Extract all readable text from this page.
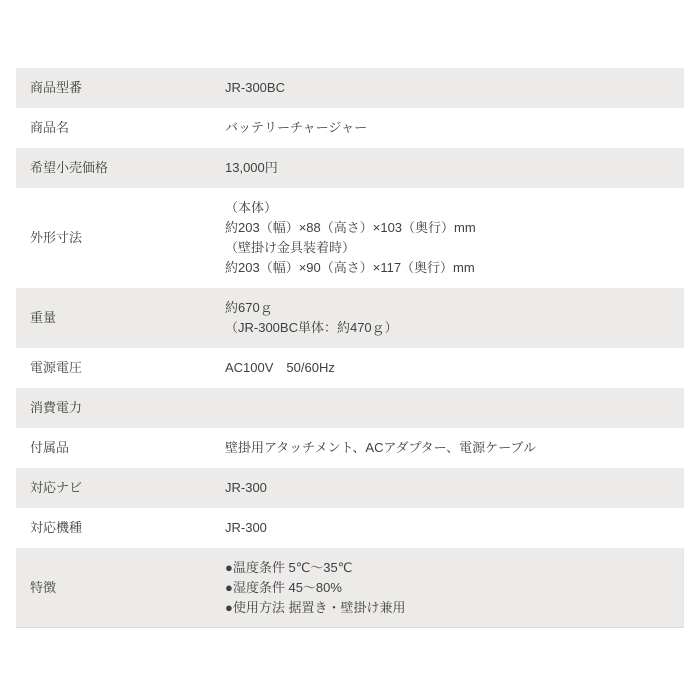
商品型番	JR-300BC

商品名	バッテリーチャージャー

希望小売価格	13,000円

外形寸法	（本体）
約203（幅）×88（高さ）×103（奥行）mm
（壁掛け金具装着時）
約203（幅）×90（高さ）×117（奥行）mm

重量	約670ｇ
（JR-300BC単体：約470ｇ）

電源電圧	AC100V　50/60Hz

消費電力	
付属品	壁掛用アタッチメント、ACアダプター、電源ケーブル

対応ナビ	JR-300

対応機種	JR-300

特徴	●温度条件 5℃～35℃
●湿度条件 45～80%
●使用方法 据置き・壁掛け兼用
